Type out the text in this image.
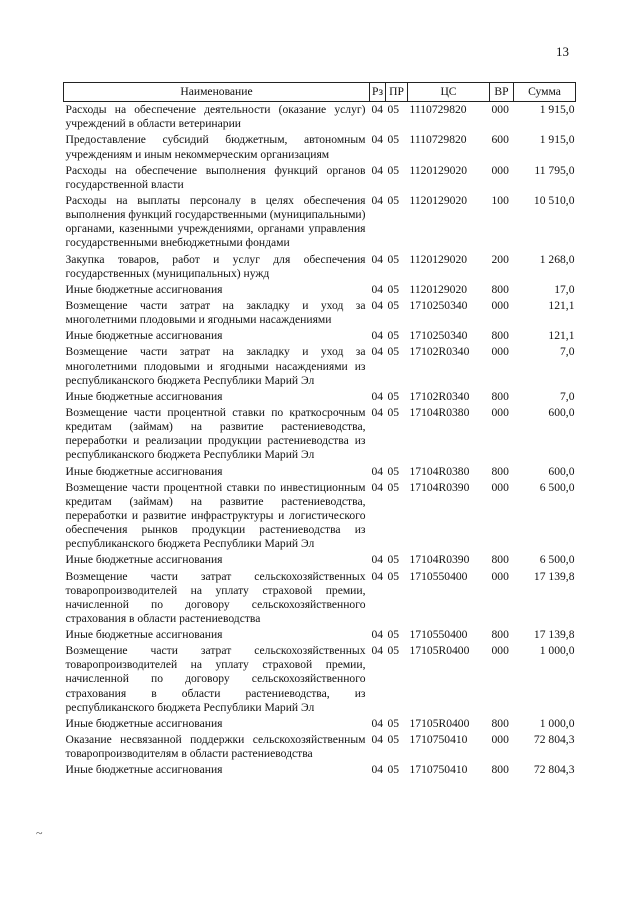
13
Наименование	Рз	ПР	ЦС	ВР	Сумма
Расходы на обеспечение деятельности (оказание услуг) учреждений в области ветеринарии	04	05	1110729820	000	1 915,0
Предоставление субсидий бюджетным, автономным учреждениям и иным некоммерческим организациям	04	05	1110729820	600	1 915,0
Расходы на обеспечение выполнения функций органов государственной власти	04	05	1120129020	000	11 795,0
Расходы на выплаты персоналу в целях обеспечения выполнения функций государственными (муниципальными) органами, казенными учреждениями, органами управления государственными внебюджетными фондами	04	05	1120129020	100	10 510,0
Закупка товаров, работ и услуг для обеспечения государственных (муниципальных) нужд	04	05	1120129020	200	1 268,0
Иные бюджетные ассигнования	04	05	1120129020	800	17,0
Возмещение части затрат на закладку и уход за многолетними плодовыми и ягодными насаждениями	04	05	1710250340	000	121,1
Иные бюджетные ассигнования	04	05	1710250340	800	121,1
Возмещение части затрат на закладку и уход за многолетними плодовыми и ягодными насаждениями из республиканского бюджета Республики Марий Эл	04	05	17102R0340	000	7,0
Иные бюджетные ассигнования	04	05	17102R0340	800	7,0
Возмещение части процентной ставки по краткосрочным кредитам (займам) на развитие растениеводства, переработки и реализации продукции растениеводства из республиканского бюджета Республики Марий Эл	04	05	17104R0380	000	600,0
Иные бюджетные ассигнования	04	05	17104R0380	800	600,0
Возмещение части процентной ставки по инвестиционным кредитам (займам) на развитие растениеводства, переработки и развитие инфраструктуры и логистического обеспечения рынков продукции растениеводства из республиканского бюджета Республики Марий Эл	04	05	17104R0390	000	6 500,0
Иные бюджетные ассигнования	04	05	17104R0390	800	6 500,0
Возмещение части затрат сельскохозяйственных товаропроизводителей на уплату страховой премии, начисленной по договору сельскохозяйственного страхования в области растениеводства	04	05	1710550400	000	17 139,8
Иные бюджетные ассигнования	04	05	1710550400	800	17 139,8
Возмещение части затрат сельскохозяйственных товаропроизводителей на уплату страховой премии, начисленной по договору сельскохозяйственного страхования в области растениеводства, из республиканского бюджета Республики Марий Эл	04	05	17105R0400	000	1 000,0
Иные бюджетные ассигнования	04	05	17105R0400	800	1 000,0
Оказание несвязанной поддержки сельскохозяйственным товаропроизводителям в области растениеводства	04	05	1710750410	000	72 804,3
Иные бюджетные ассигнования	04	05	1710750410	800	72 804,3
~
